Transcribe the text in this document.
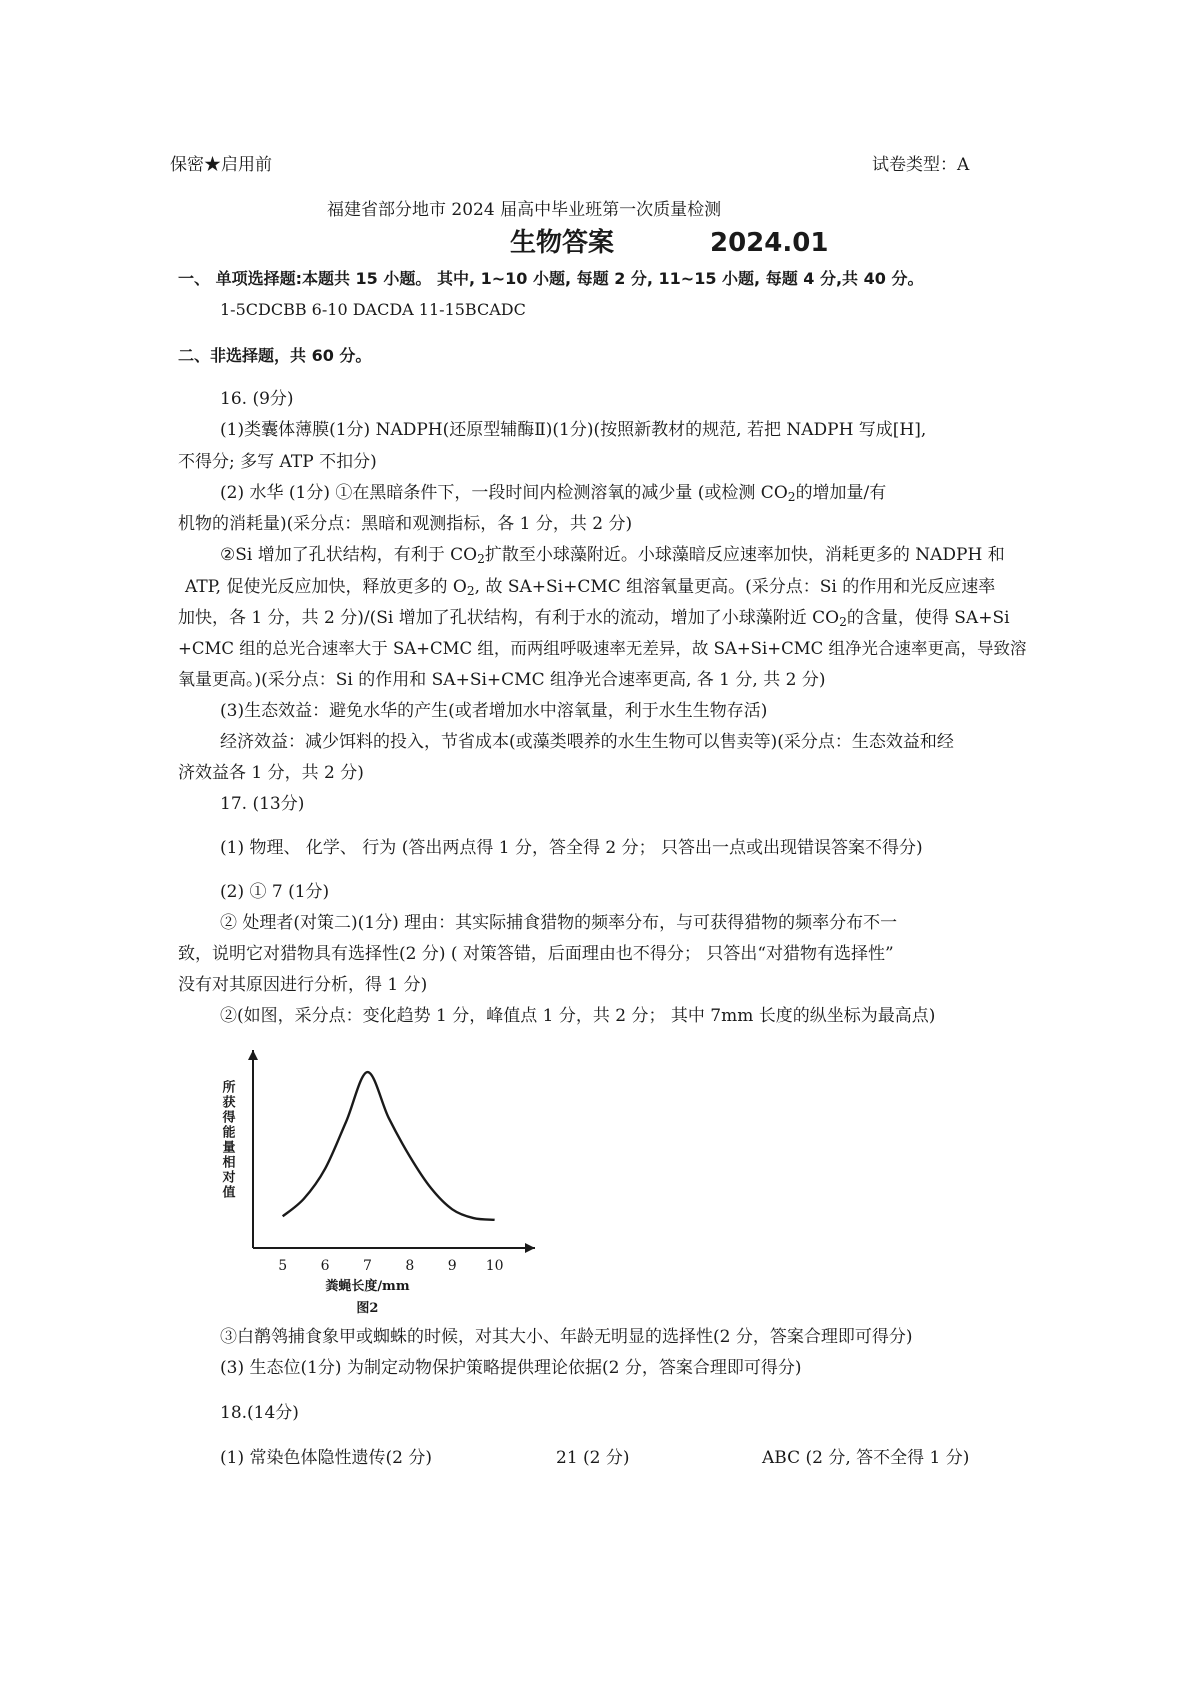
保密★启用前	试卷类型：A
福建省部分地市 2024 届高中毕业班第一次质量检测
生物答案	2024.01
一、 单项选择题:本题共 15 小题。 其中, 1~10 小题, 每题 2 分, 11~15 小题, 每题 4 分,共 40 分。
1-5CDCBB 6-10 DACDA 11-15BCADC
二、非选择题，共 60 分。
16. (9分)
(1)类囊体薄膜(1分) NADPH(还原型辅酶Ⅱ)(1分)(按照新教材的规范, 若把 NADPH 写成[H],
不得分; 多写 ATP 不扣分)
(2) 水华 (1分) ①在黑暗条件下，一段时间内检测溶氧的减少量 (或检测 $CO_2$的增加量/有
机物的消耗量)(采分点：黑暗和观测指标，各 1 分，共 2 分)
②Si 增加了孔状结构，有利于 $CO_2$扩散至小球藻附近。小球藻暗反应速率加快，消耗更多的 NADPH 和
ATP, 促使光反应加快，释放更多的 $O_2$, 故 SA+Si+CMC 组溶氧量更高。(采分点：Si 的作用和光反应速率
加快，各 1 分，共 2 分)/(Si 增加了孔状结构，有利于水的流动，增加了小球藻附近 $CO_2$的含量，使得 SA+Si
+CMC 组的总光合速率大于 SA+CMC 组，而两组呼吸速率无差异，故 SA+Si+CMC 组净光合速率更高，导致溶
氧量更高。)(采分点：Si 的作用和 SA+Si+CMC 组净光合速率更高, 各 1 分, 共 2 分)
(3)生态效益：避免水华的产生(或者增加水中溶氧量，利于水生生物存活)
经济效益：减少饵料的投入，节省成本(或藻类喂养的水生生物可以售卖等)(采分点：生态效益和经
济效益各 1 分，共 2 分)
17. (13分)
(1) 物理、 化学、 行为 (答出两点得 1 分，答全得 2 分； 只答出一点或出现错误答案不得分)
(2) ① 7 (1分)
② 处理者(对策二)(1分) 理由：其实际捕食猎物的频率分布，与可获得猎物的频率分布不一
致，说明它对猎物具有选择性(2 分) ( 对策答错，后面理由也不得分； 只答出“对猎物有选择性”
没有对其原因进行分析，得 1 分)
②(如图，采分点：变化趋势 1 分，峰值点 1 分，共 2 分； 其中 7mm 长度的纵坐标为最高点)
5 6 7 8 9 10
所获得能量相对值
粪蝇长度/mm
图2
③白鹡鸰捕食象甲或蜘蛛的时候，对其大小、年龄无明显的选择性(2 分，答案合理即可得分)
(3) 生态位(1分) 为制定动物保护策略提供理论依据(2 分，答案合理即可得分)
18.(14分)
(1) 常染色体隐性遗传(2 分)	21 (2 分)	ABC (2 分, 答不全得 1 分)
